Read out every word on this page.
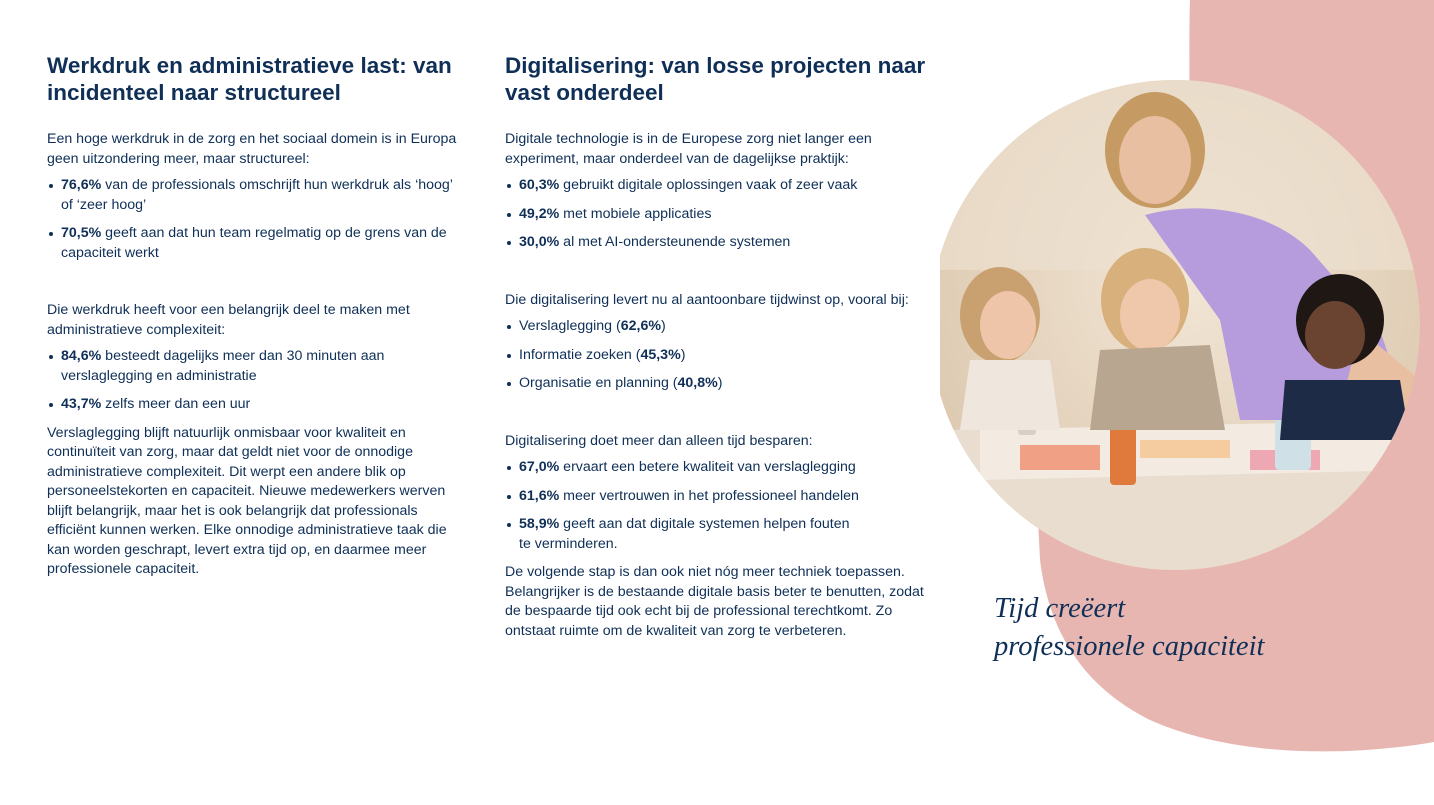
Werkdruk en administratieve last: van incidenteel naar structureel

Een hoge werkdruk in de zorg en het sociaal domein is in Europa geen uitzondering meer, maar structureel:

76,6% van de professionals omschrijft hun werkdruk als ‘hoog’ of ‘zeer hoog’
70,5% geeft aan dat hun team regelmatig op de grens van de capaciteit werkt

Die werkdruk heeft voor een belangrijk deel te maken met administratieve complexiteit:

84,6% besteedt dagelijks meer dan 30 minuten aan verslaglegging en administratie
43,7% zelfs meer dan een uur

Verslaglegging blijft natuurlijk onmisbaar voor kwaliteit en continuïteit van zorg, maar dat geldt niet voor de onnodige administratieve complexiteit. Dit werpt een andere blik op personeelstekorten en capaciteit. Nieuwe medewerkers werven blijft belangrijk, maar het is ook belangrijk dat professionals efficiënt kunnen werken. Elke onnodige administratieve taak die kan worden geschrapt, levert extra tijd op, en daarmee meer professionele capaciteit.

Digitalisering: van losse projecten naar vast onderdeel

Digitale technologie is in de Europese zorg niet langer een experiment, maar onderdeel van de dagelijkse praktijk:

60,3% gebruikt digitale oplossingen vaak of zeer vaak
49,2% met mobiele applicaties
30,0% al met AI-ondersteunende systemen

Die digitalisering levert nu al aantoonbare tijdwinst op, vooral bij:

Verslaglegging (62,6%)
Informatie zoeken (45,3%)
Organisatie en planning (40,8%)

Digitalisering doet meer dan alleen tijd besparen:

67,0% ervaart een betere kwaliteit van verslaglegging
61,6% meer vertrouwen in het professioneel handelen
58,9% geeft aan dat digitale systemen helpen fouten te verminderen.

De volgende stap is dan ook niet nóg meer techniek toepassen. Belangrijker is de bestaande digitale basis beter te benutten, zodat de bespaarde tijd ook echt bij de professional terechtkomt. Zo ontstaat ruimte om de kwaliteit van zorg te verbeteren.

Tijd creëert
professionele capaciteit
